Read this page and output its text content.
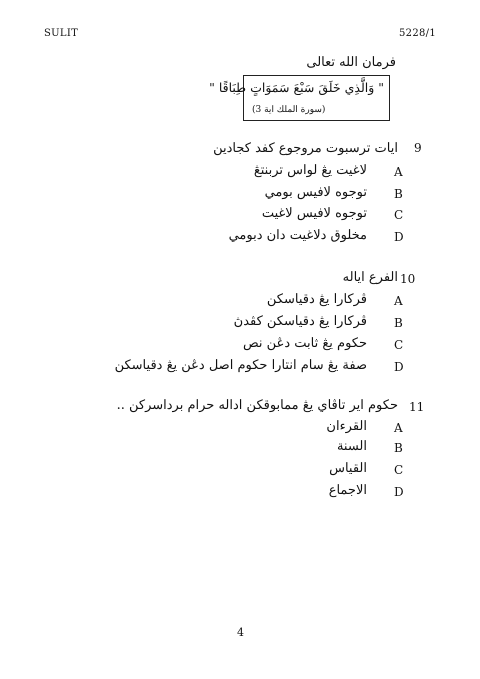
SULIT	5228/1
فرمان الله تعالى
" وَالَّذِي خَلَقَ سَبْعَ سَمَوَاتٍ طِبَاقًا "
(سورة الملك اية 3)
9
ايات ترسبوت مروجوع كفد كجادين
A
لاغيت يڠ لواس تربنتڠ
B
توجوه لافيس بومي
C
توجوه لافيس لاغيت
D
مخلوق دلاغيت دان دبومي
10
الفرع اياله
A
ڤركارا يڠ دقياسكن
B
ڤركارا يڠ دقياسكن كڤدڽ
C
حكوم يڠ ثابت دڠن نص
D
صفة يڠ سام انتارا حكوم اصل دڠن يڠ دقياسكن
11
حكوم اير تاڤاي يڠ ممابوقكن اداله حرام برداسركن ..
A
القرءان
B
السنة
C
القياس
D
الاجماع
4
